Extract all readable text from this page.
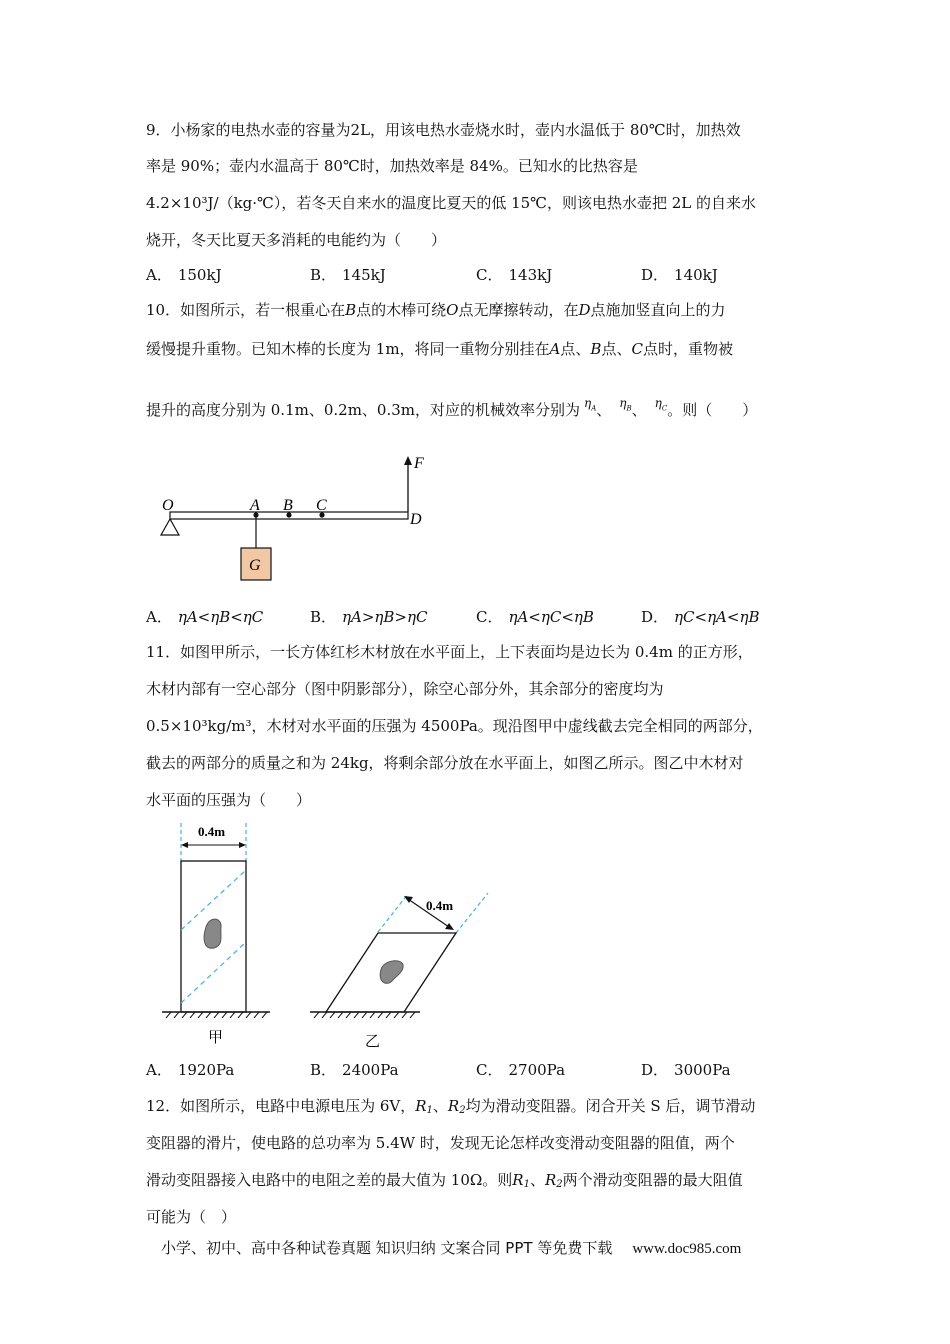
9．小杨家的电热水壶的容量为2L，用该电热水壶烧水时，壶内水温低于 80℃时，加热效
率是 90%；壶内水温高于 80℃时，加热效率是 84%。已知水的比热容是
4.2×10³J/（kg·℃），若冬天自来水的温度比夏天的低 15℃，则该电热水壶把 2L 的自来水
烧开，冬天比夏天多消耗的电能约为（　　）
A． 150kJ	B． 145kJ	C． 143kJ	D． 140kJ
10．如图所示，若一根重心在B点的木棒可绕O点无摩擦转动，在D点施加竖直向上的力
缓慢提升重物。已知木棒的长度为 1m，将同一重物分别挂在A点、B点、C点时，重物被
提升的高度分别为 0.1m、0.2m、0.3m，对应的机械效率分别为 $^{\eta_A}$、 $^{\eta_B}$、 $^{\eta_C}$。则（　　）
O	A B C
D
F
G
A． ηA<ηB<ηC	B． ηA>ηB>ηC	C． ηA<ηC<ηB	D． ηC<ηA<ηB
11．如图甲所示，一长方体红杉木材放在水平面上，上下表面均是边长为 0.4m 的正方形，
木材内部有一空心部分（图中阴影部分），除空心部分外，其余部分的密度均为
0.5×10³kg/m³，木材对水平面的压强为 4500Pa。现沿图甲中虚线截去完全相同的两部分，
截去的两部分的质量之和为 24kg，将剩余部分放在水平面上，如图乙所示。图乙中木材对
水平面的压强为（　　）
0.4m
甲
0.4m
乙
A． 1920Pa	B． 2400Pa	C． 2700Pa	D． 3000Pa
12．如图所示，电路中电源电压为 6V，$R_1$、$R_2$均为滑动变阻器。闭合开关 S 后，调节滑动
变阻器的滑片，使电路的总功率为 5.4W 时，发现无论怎样改变滑动变阻器的阻值，两个
滑动变阻器接入电路中的电阻之差的最大值为 10Ω。则$R_1$、$R_2$两个滑动变阻器的最大阻值
可能为（　）
小学、初中、高中各种试卷真题 知识归纳 文案合同 PPT 等免费下载 www.doc985.com
